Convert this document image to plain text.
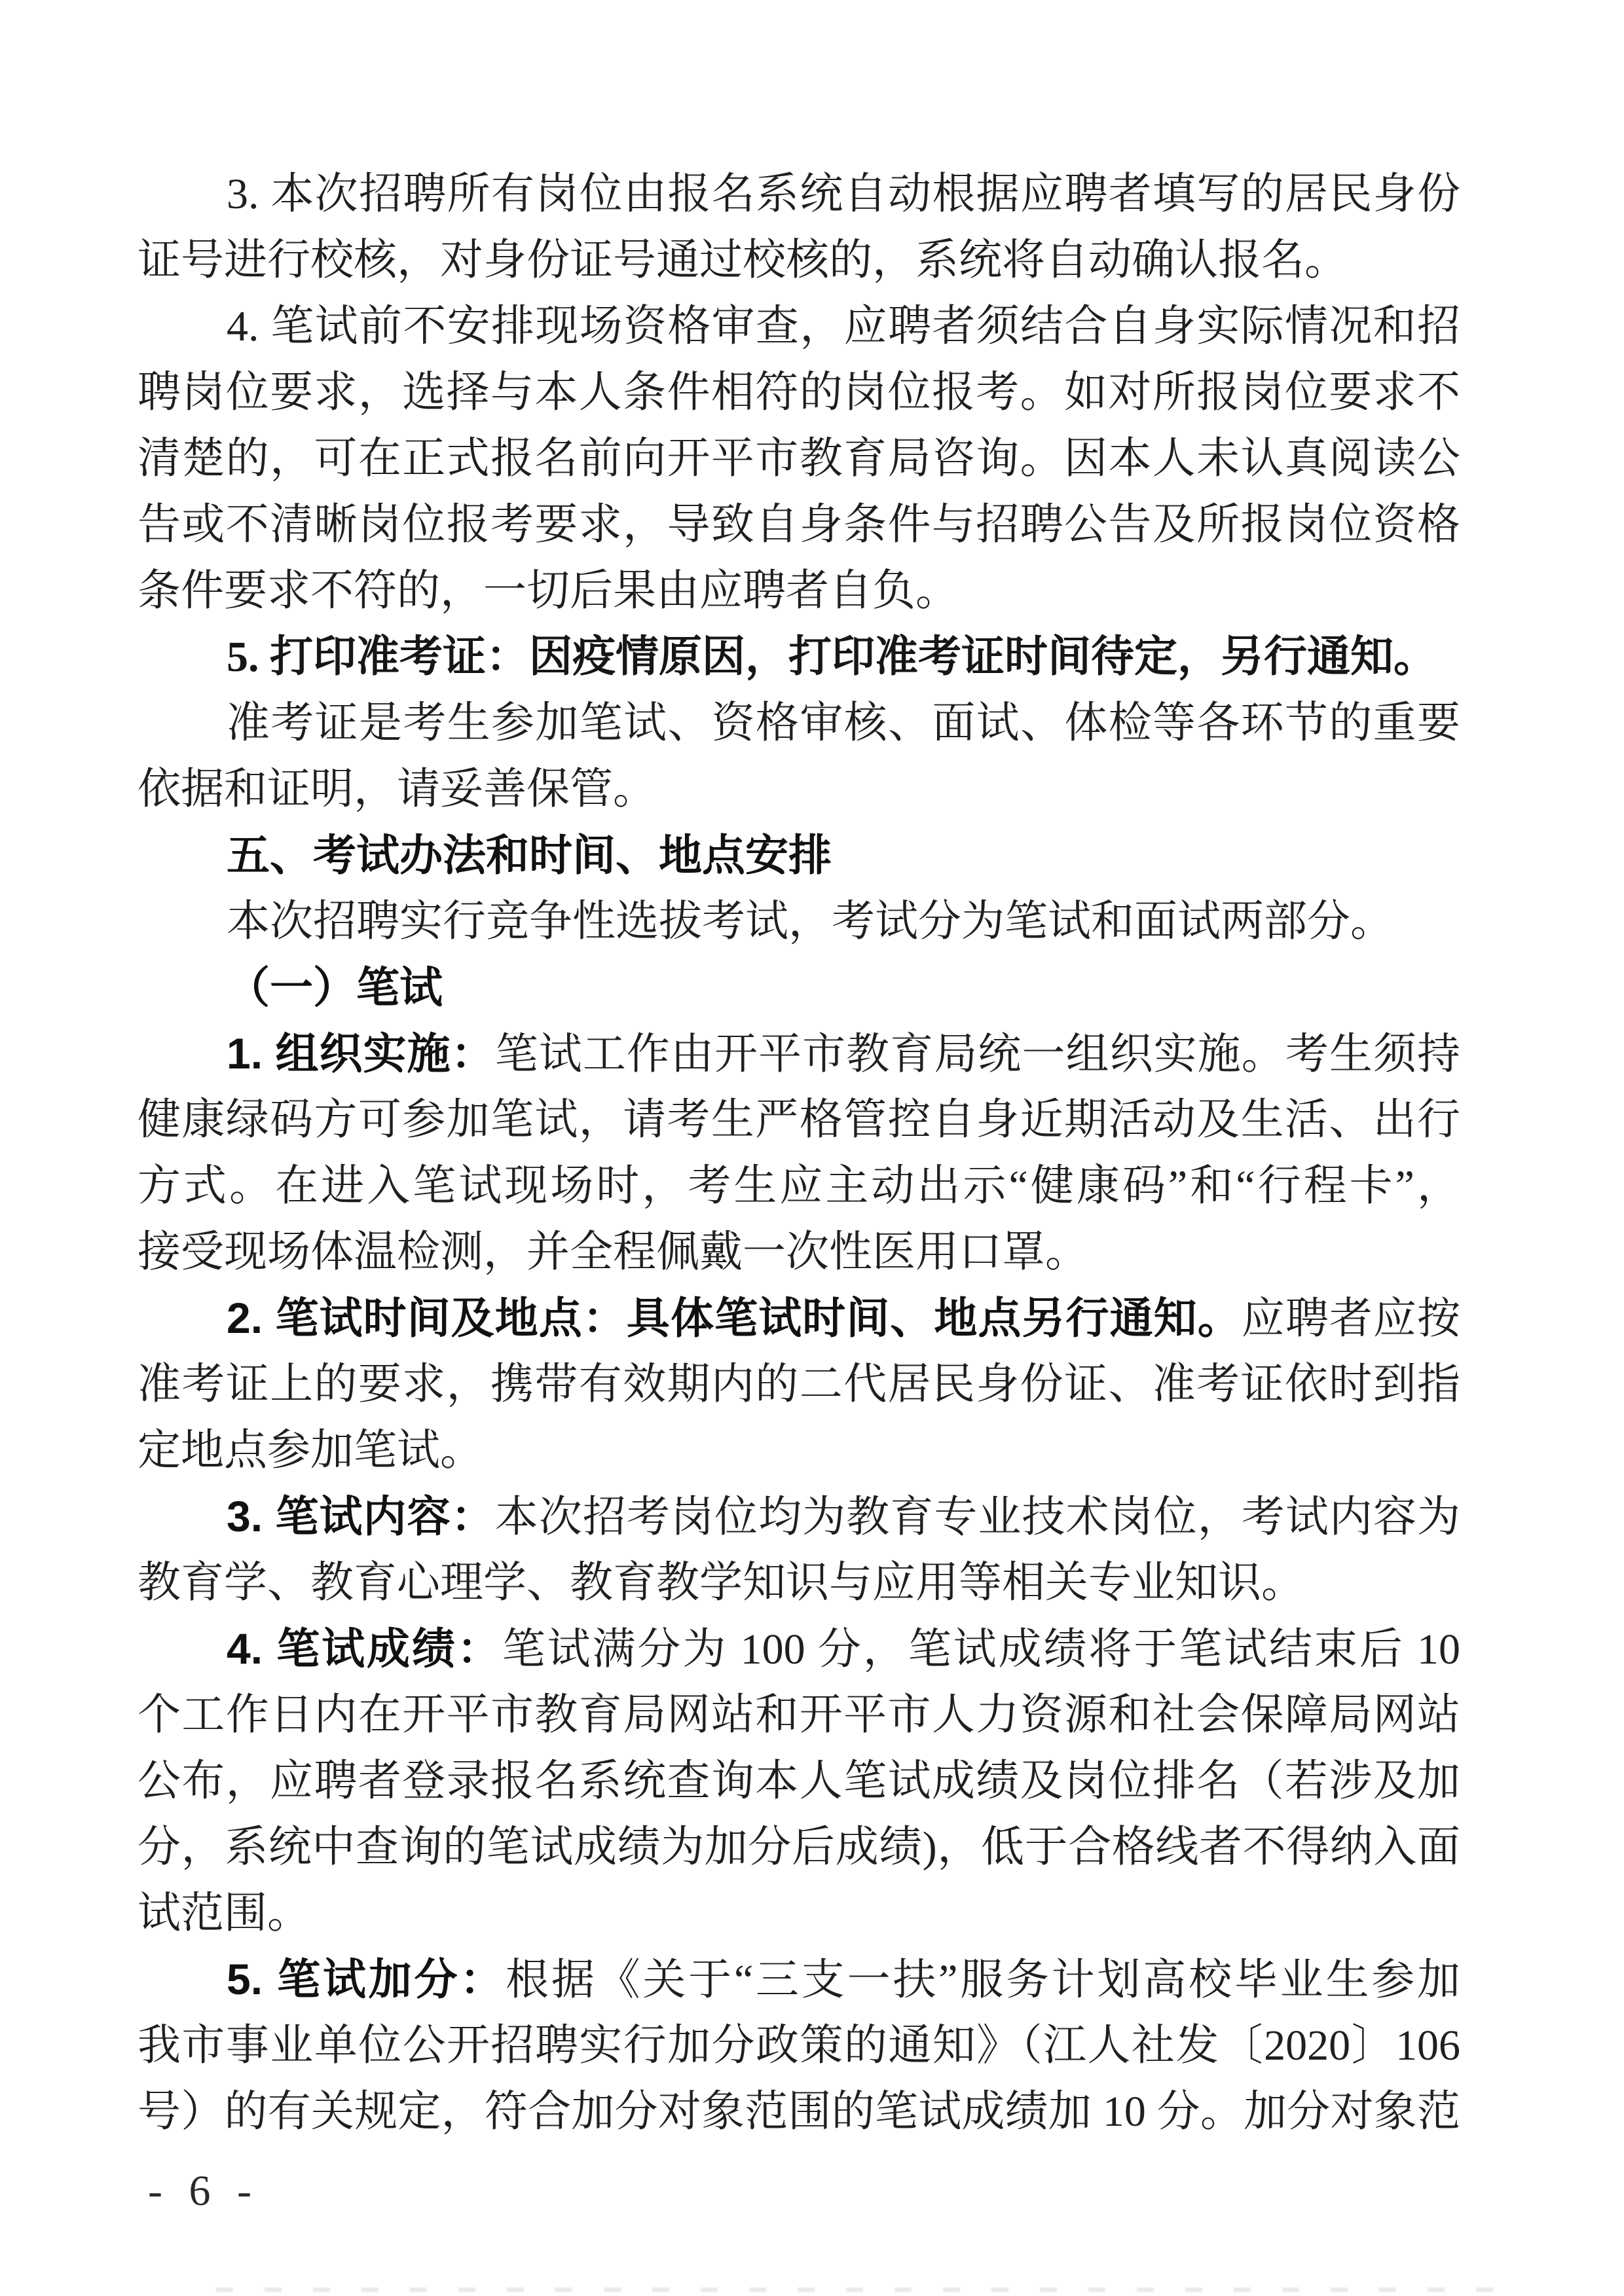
3. 本次招聘所有岗位由报名系统自动根据应聘者填写的居民身份
证号进行校核，对身份证号通过校核的，系统将自动确认报名。
4. 笔试前不安排现场资格审查，应聘者须结合自身实际情况和招
聘岗位要求，选择与本人条件相符的岗位报考。如对所报岗位要求不
清楚的，可在正式报名前向开平市教育局咨询。因本人未认真阅读公
告或不清晰岗位报考要求，导致自身条件与招聘公告及所报岗位资格
条件要求不符的，一切后果由应聘者自负。
5. 打印准考证：因疫情原因，打印准考证时间待定，另行通知。
准考证是考生参加笔试、资格审核、面试、体检等各环节的重要
依据和证明，请妥善保管。
五、考试办法和时间、地点安排
本次招聘实行竞争性选拔考试，考试分为笔试和面试两部分。
（一）笔试
1. 组织实施：笔试工作由开平市教育局统一组织实施。考生须持
健康绿码方可参加笔试，请考生严格管控自身近期活动及生活、出行
方式。在进入笔试现场时，考生应主动出示“健康码”和“行程卡”，
接受现场体温检测，并全程佩戴一次性医用口罩。
2. 笔试时间及地点：具体笔试时间、地点另行通知。应聘者应按
准考证上的要求，携带有效期内的二代居民身份证、准考证依时到指
定地点参加笔试。
3. 笔试内容：本次招考岗位均为教育专业技术岗位，考试内容为
教育学、教育心理学、教育教学知识与应用等相关专业知识。
4. 笔试成绩：笔试满分为 100 分，笔试成绩将于笔试结束后 10
个工作日内在开平市教育局网站和开平市人力资源和社会保障局网站
公布，应聘者登录报名系统查询本人笔试成绩及岗位排名（若涉及加
分，系统中查询的笔试成绩为加分后成绩)，低于合格线者不得纳入面
试范围。
5. 笔试加分：根据《关于“三支一扶”服务计划高校毕业生参加
我市事业单位公开招聘实行加分政策的通知》（江人社发〔2020〕106
号）的有关规定，符合加分对象范围的笔试成绩加 10 分。加分对象范
- 6 -
